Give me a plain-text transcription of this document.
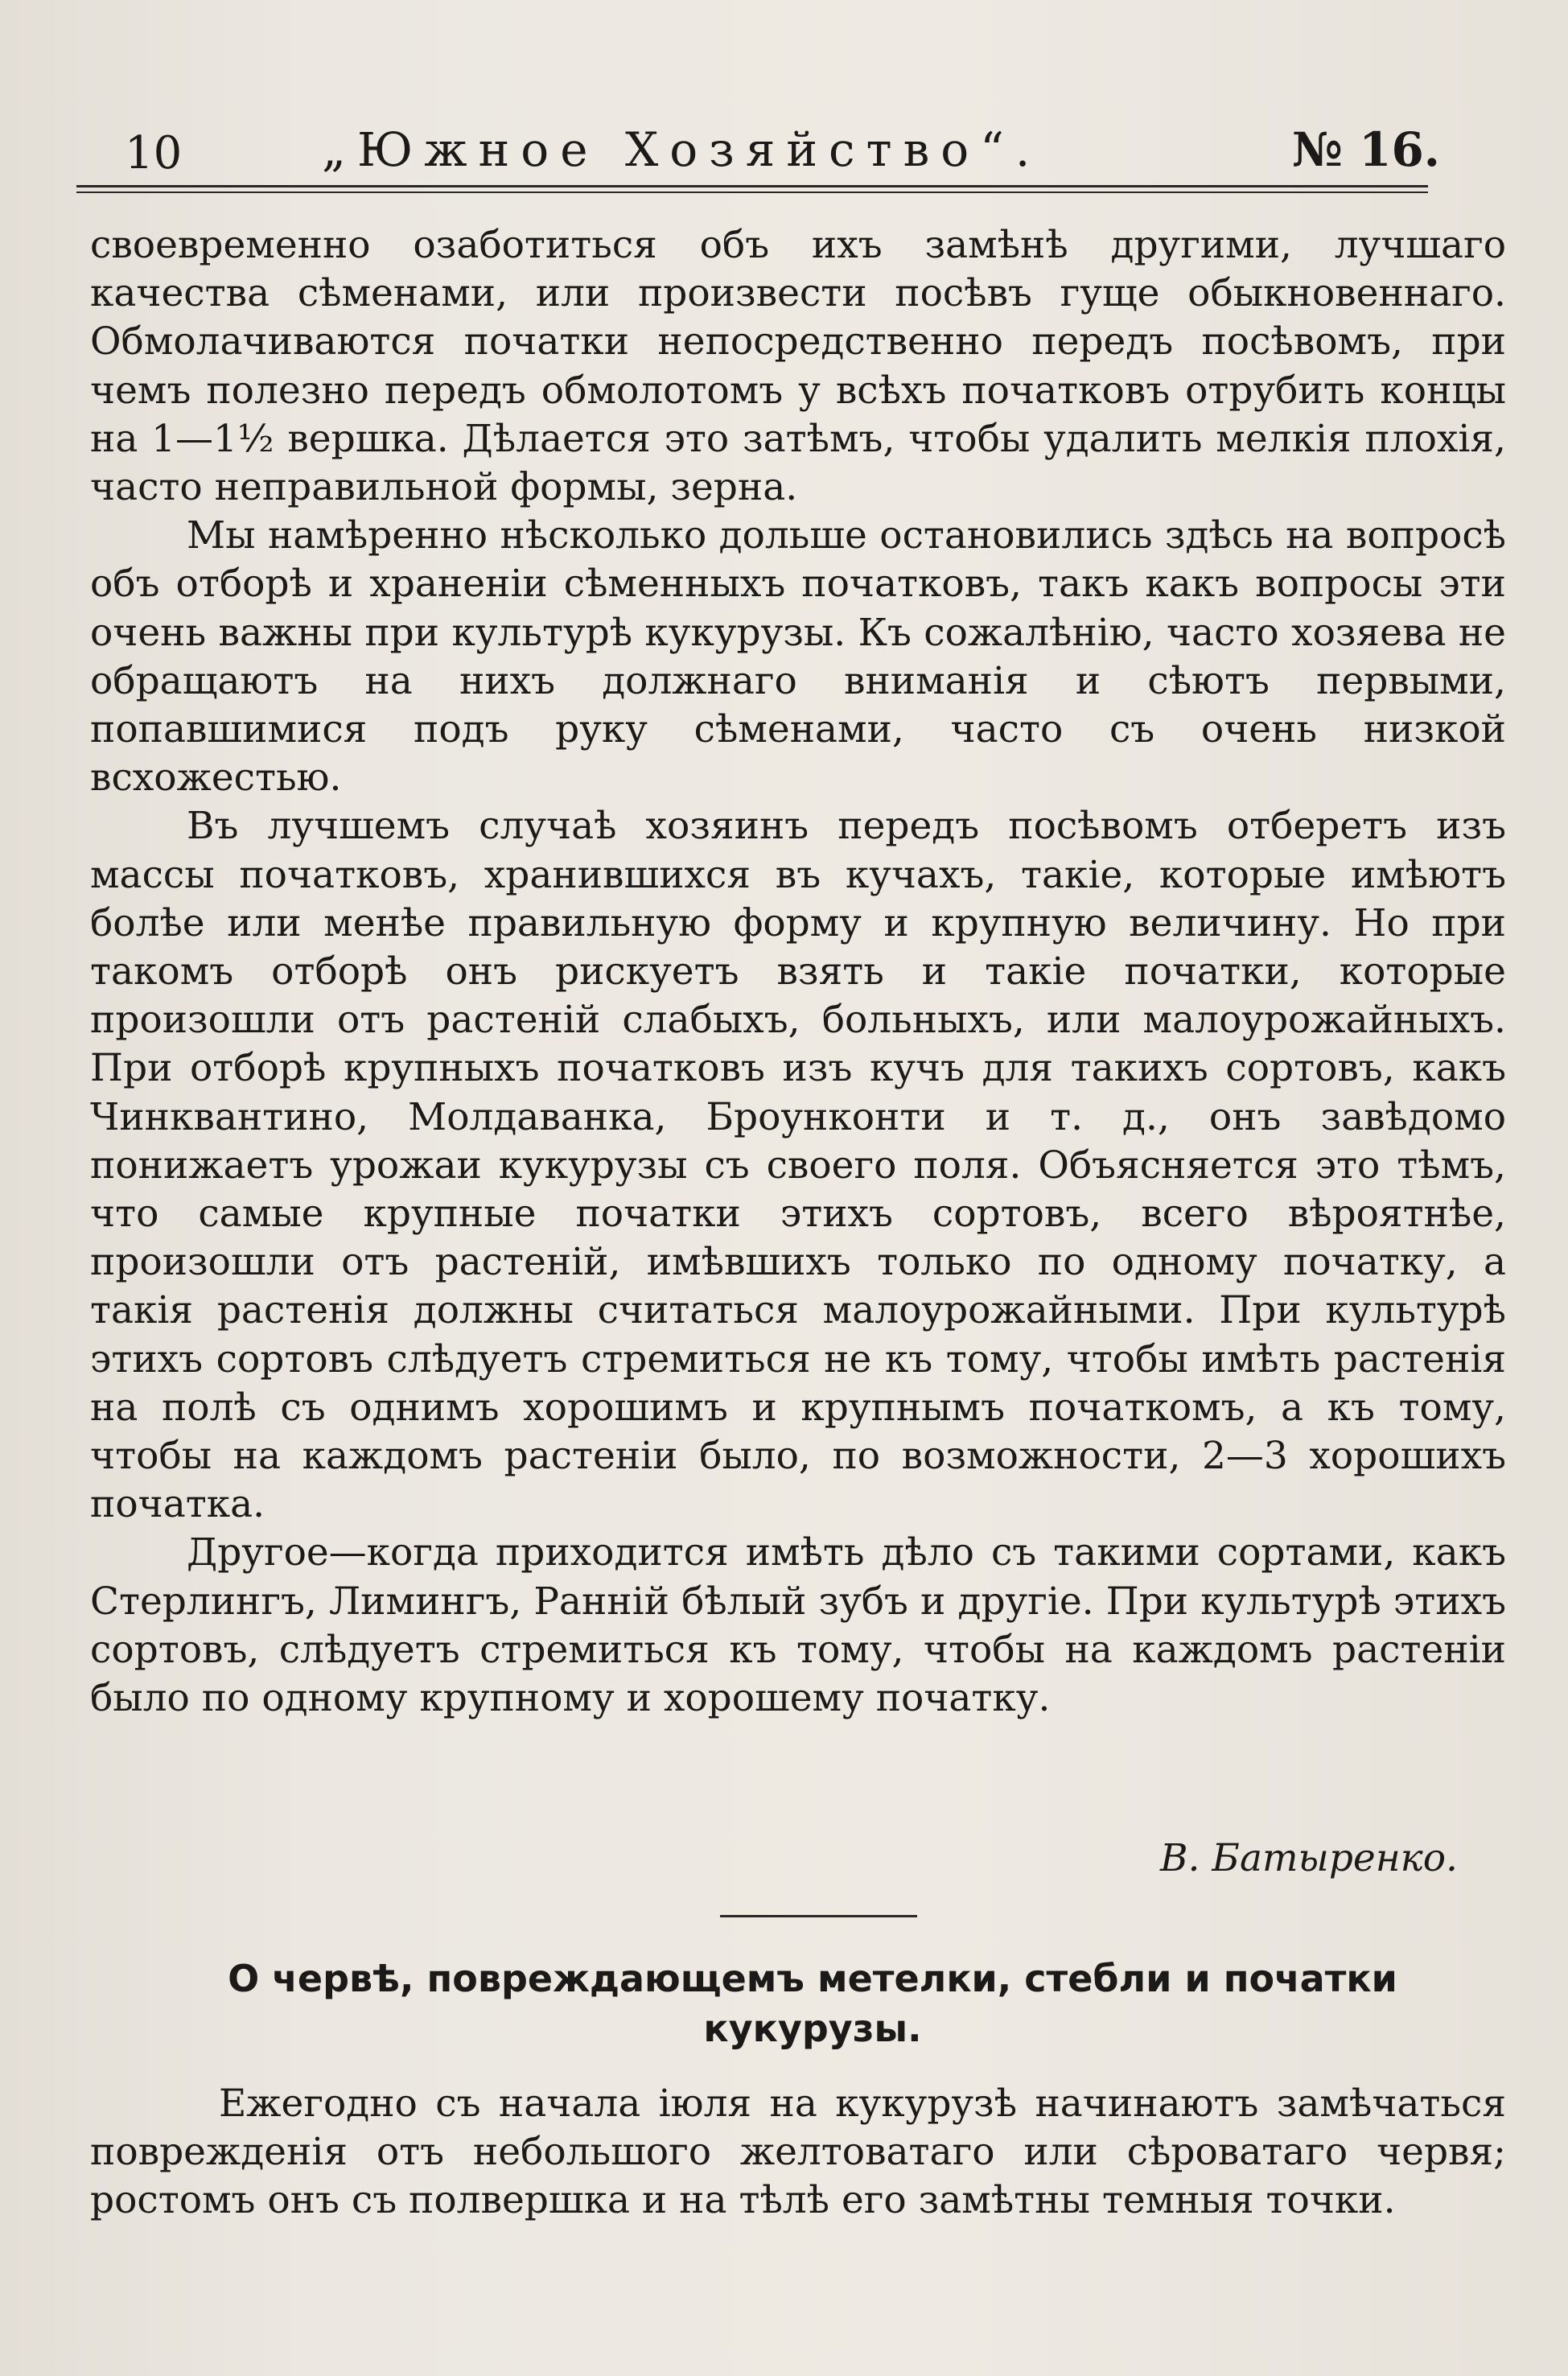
10	„Южное Хозяйство“.	№ 16.

своевременно озаботиться объ ихъ замѣнѣ другими, лучшаго качества сѣменами, или произвести посѣвъ гуще обыкновеннаго. Обмолачиваются початки непосредственно передъ посѣвомъ, при чемъ полезно передъ обмолотомъ у всѣхъ початковъ отрубить концы на 1—1½ вершка. Дѣлается это затѣмъ, чтобы удалить мелкія плохія, часто неправильной формы, зерна.

Мы намѣренно нѣсколько дольше остановились здѣсь на вопросѣ объ отборѣ и храненіи сѣменныхъ початковъ, такъ какъ вопросы эти очень важны при культурѣ кукурузы. Къ сожалѣнію, часто хозяева не обращаютъ на нихъ должнаго вниманія и сѣютъ первыми, попавшимися подъ руку сѣменами, часто съ очень низкой всхожестью.

Въ лучшемъ случаѣ хозяинъ передъ посѣвомъ отберетъ изъ массы початковъ, хранившихся въ кучахъ, такіе, которые имѣютъ болѣе или менѣе правильную форму и крупную величину. Но при такомъ отборѣ онъ рискуетъ взять и такіе початки, которые произошли отъ растеній слабыхъ, больныхъ, или малоурожайныхъ. При отборѣ крупныхъ початковъ изъ кучъ для такихъ сортовъ, какъ Чинквантино, Молдаванка, Броунконти и т. д., онъ завѣдомо понижаетъ урожаи кукурузы съ своего поля. Объясняется это тѣмъ, что самые крупные початки этихъ сортовъ, всего вѣроятнѣе, произошли отъ растеній, имѣвшихъ только по одному початку, а такія растенія должны считаться малоурожайными. При культурѣ этихъ сортовъ слѣдуетъ стремиться не къ тому, чтобы имѣть растенія на полѣ съ однимъ хорошимъ и крупнымъ початкомъ, а къ тому, чтобы на каждомъ растеніи было, по возможности, 2—3 хорошихъ початка.

Другое—когда приходится имѣть дѣло съ такими сортами, какъ Стерлингъ, Лимингъ, Ранній бѣлый зубъ и другіе. При культурѣ этихъ сортовъ, слѣдуетъ стремиться къ тому, чтобы на каждомъ растеніи было по одному крупному и хорошему початку.

В. Батыренко.
О червѣ, повреждающемъ метелки, стебли и початки кукурузы.

Ежегодно съ начала іюля на кукурузѣ начинаютъ замѣчаться поврежденія отъ небольшого желтоватаго или сѣроватаго червя; ростомъ онъ съ полвершка и на тѣлѣ его замѣтны темныя точки.
